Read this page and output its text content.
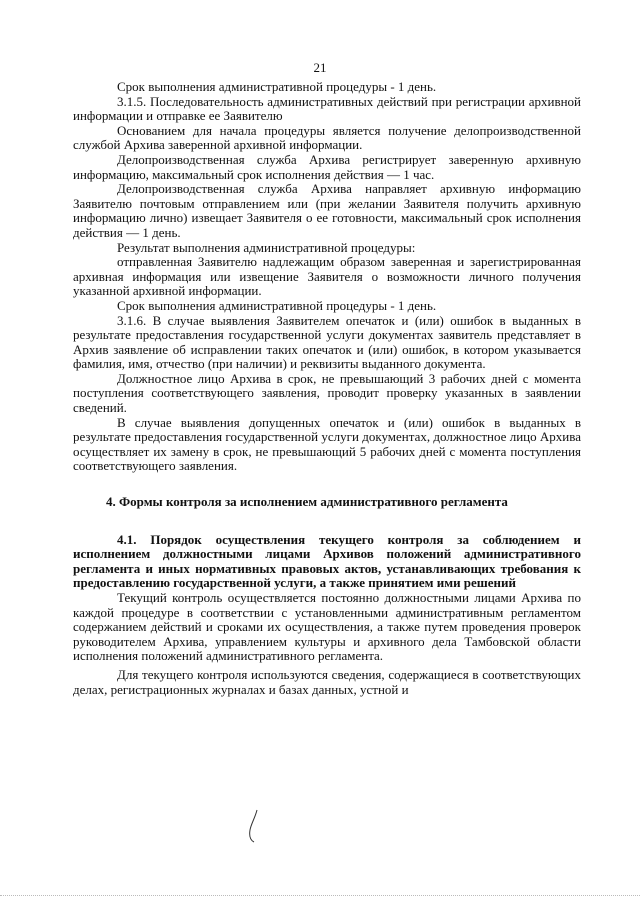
21

Срок выполнения административной процедуры - 1 день.

3.1.5. Последовательность административных действий при регистрации архивной информации и отправке ее Заявителю

Основанием для начала процедуры является получение делопроизводственной службой Архива заверенной архивной информации.

Делопроизводственная служба Архива регистрирует заверенную архивную информацию, максимальный срок исполнения действия — 1 час.

Делопроизводственная служба Архива направляет архивную информацию Заявителю почтовым отправлением или (при желании Заявителя получить архивную информацию лично) извещает Заявителя о ее готовности, максимальный срок исполнения действия — 1 день.

Результат выполнения административной процедуры:

отправленная Заявителю надлежащим образом заверенная и зарегистрированная архивная информация или извещение Заявителя о возможности личного получения указанной архивной информации.

Срок выполнения административной процедуры - 1 день.

3.1.6. В случае выявления Заявителем опечаток и (или) ошибок в выданных в результате предоставления государственной услуги документах заявитель представляет в Архив заявление об исправлении таких опечаток и (или) ошибок, в котором указывается фамилия, имя, отчество (при наличии) и реквизиты выданного документа.

Должностное лицо Архива в срок, не превышающий 3 рабочих дней с момента поступления соответствующего заявления, проводит проверку указанных в заявлении сведений.

В случае выявления допущенных опечаток и (или) ошибок в выданных в результате предоставления государственной услуги документах, должностное лицо Архива осуществляет их замену в срок, не превышающий 5 рабочих дней с момента поступления соответствующего заявления.

4. Формы контроля за исполнением административного регламента

4.1. Порядок осуществления текущего контроля за соблюдением и исполнением должностными лицами Архивов положений административного регламента и иных нормативных правовых актов, устанавливающих требования к предоставлению государственной услуги, а также принятием ими решений

Текущий контроль осуществляется постоянно должностными лицами Архива по каждой процедуре в соответствии с установленными административным регламентом содержанием действий и сроками их осуществления, а также путем проведения проверок руководителем Архива, управлением культуры и архивного дела Тамбовской области исполнения положений административного регламента.

Для текущего контроля используются сведения, содержащиеся в соответствующих делах, регистрационных журналах и базах данных, устной и
